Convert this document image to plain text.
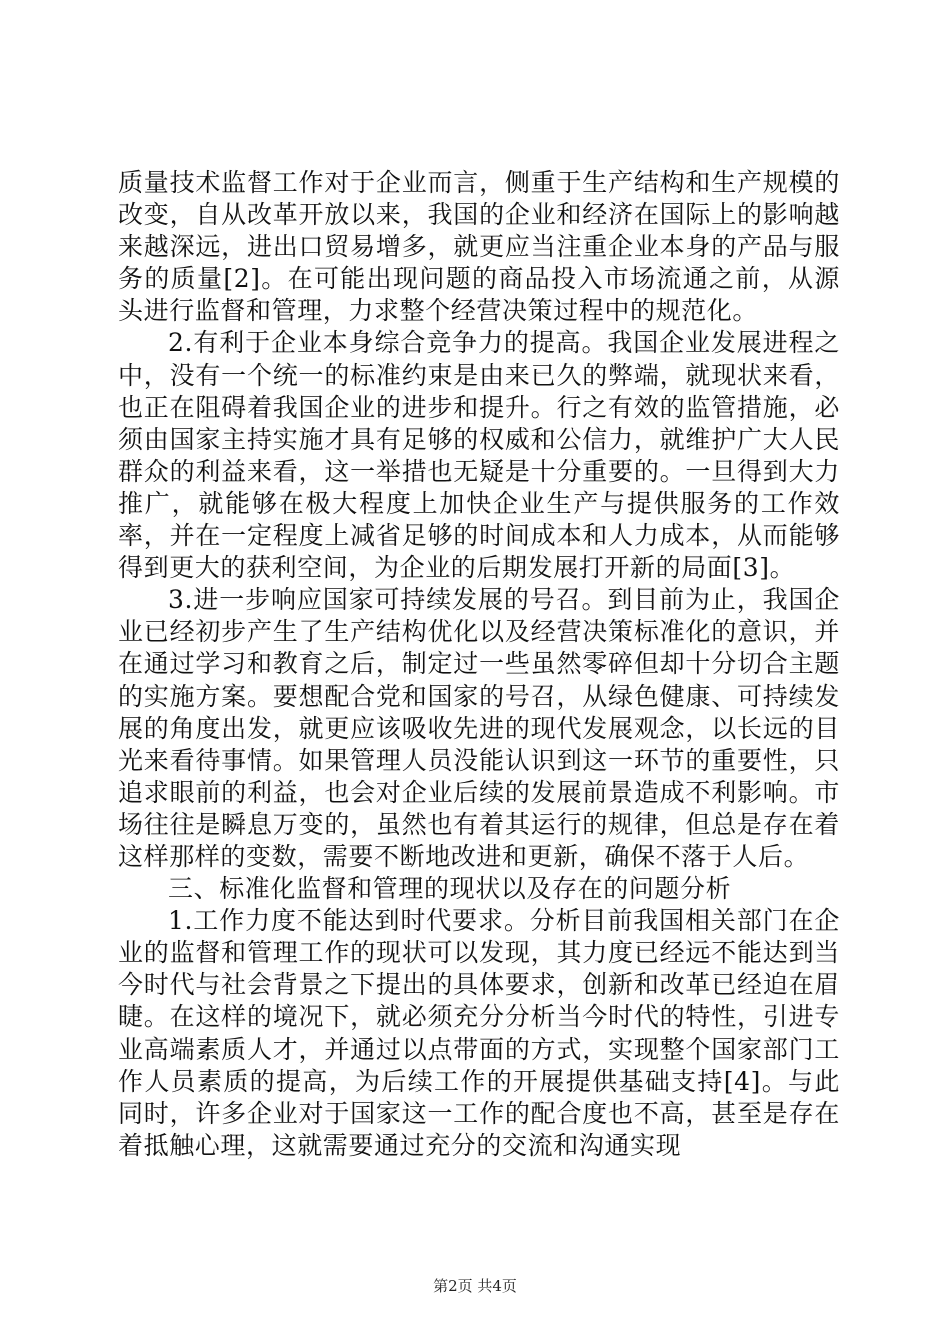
质量技术监督工作对于企业而言，侧重于生产结构和生产规模的改变，自从改革开放以来，我国的企业和经济在国际上的影响越来越深远，进出口贸易增多，就更应当注重企业本身的产品与服务的质量[2]。在可能出现问题的商品投入市场流通之前，从源头进行监督和管理，力求整个经营决策过程中的规范化。

2.有利于企业本身综合竞争力的提高。我国企业发展进程之中，没有一个统一的标准约束是由来已久的弊端，就现状来看，也正在阻碍着我国企业的进步和提升。行之有效的监管措施，必须由国家主持实施才具有足够的权威和公信力，就维护广大人民群众的利益来看，这一举措也无疑是十分重要的。一旦得到大力推广，就能够在极大程度上加快企业生产与提供服务的工作效率，并在一定程度上减省足够的时间成本和人力成本，从而能够得到更大的获利空间，为企业的后期发展打开新的局面[3]。

3.进一步响应国家可持续发展的号召。到目前为止，我国企业已经初步产生了生产结构优化以及经营决策标准化的意识，并在通过学习和教育之后，制定过一些虽然零碎但却十分切合主题的实施方案。要想配合党和国家的号召，从绿色健康、可持续发展的角度出发，就更应该吸收先进的现代发展观念，以长远的目光来看待事情。如果管理人员没能认识到这一环节的重要性，只追求眼前的利益，也会对企业后续的发展前景造成不利影响。市场往往是瞬息万变的，虽然也有着其运行的规律，但总是存在着这样那样的变数，需要不断地改进和更新，确保不落于人后。

三、标准化监督和管理的现状以及存在的问题分析

1.工作力度不能达到时代要求。分析目前我国相关部门在企业的监督和管理工作的现状可以发现，其力度已经远不能达到当今时代与社会背景之下提出的具体要求，创新和改革已经迫在眉睫。在这样的境况下，就必须充分分析当今时代的特性，引进专业高端素质人才，并通过以点带面的方式，实现整个国家部门工作人员素质的提高，为后续工作的开展提供基础支持[4]。与此同时，许多企业对于国家这一工作的配合度也不高，甚至是存在着抵触心理，这就需要通过充分的交流和沟通实现

第2页 共4页
